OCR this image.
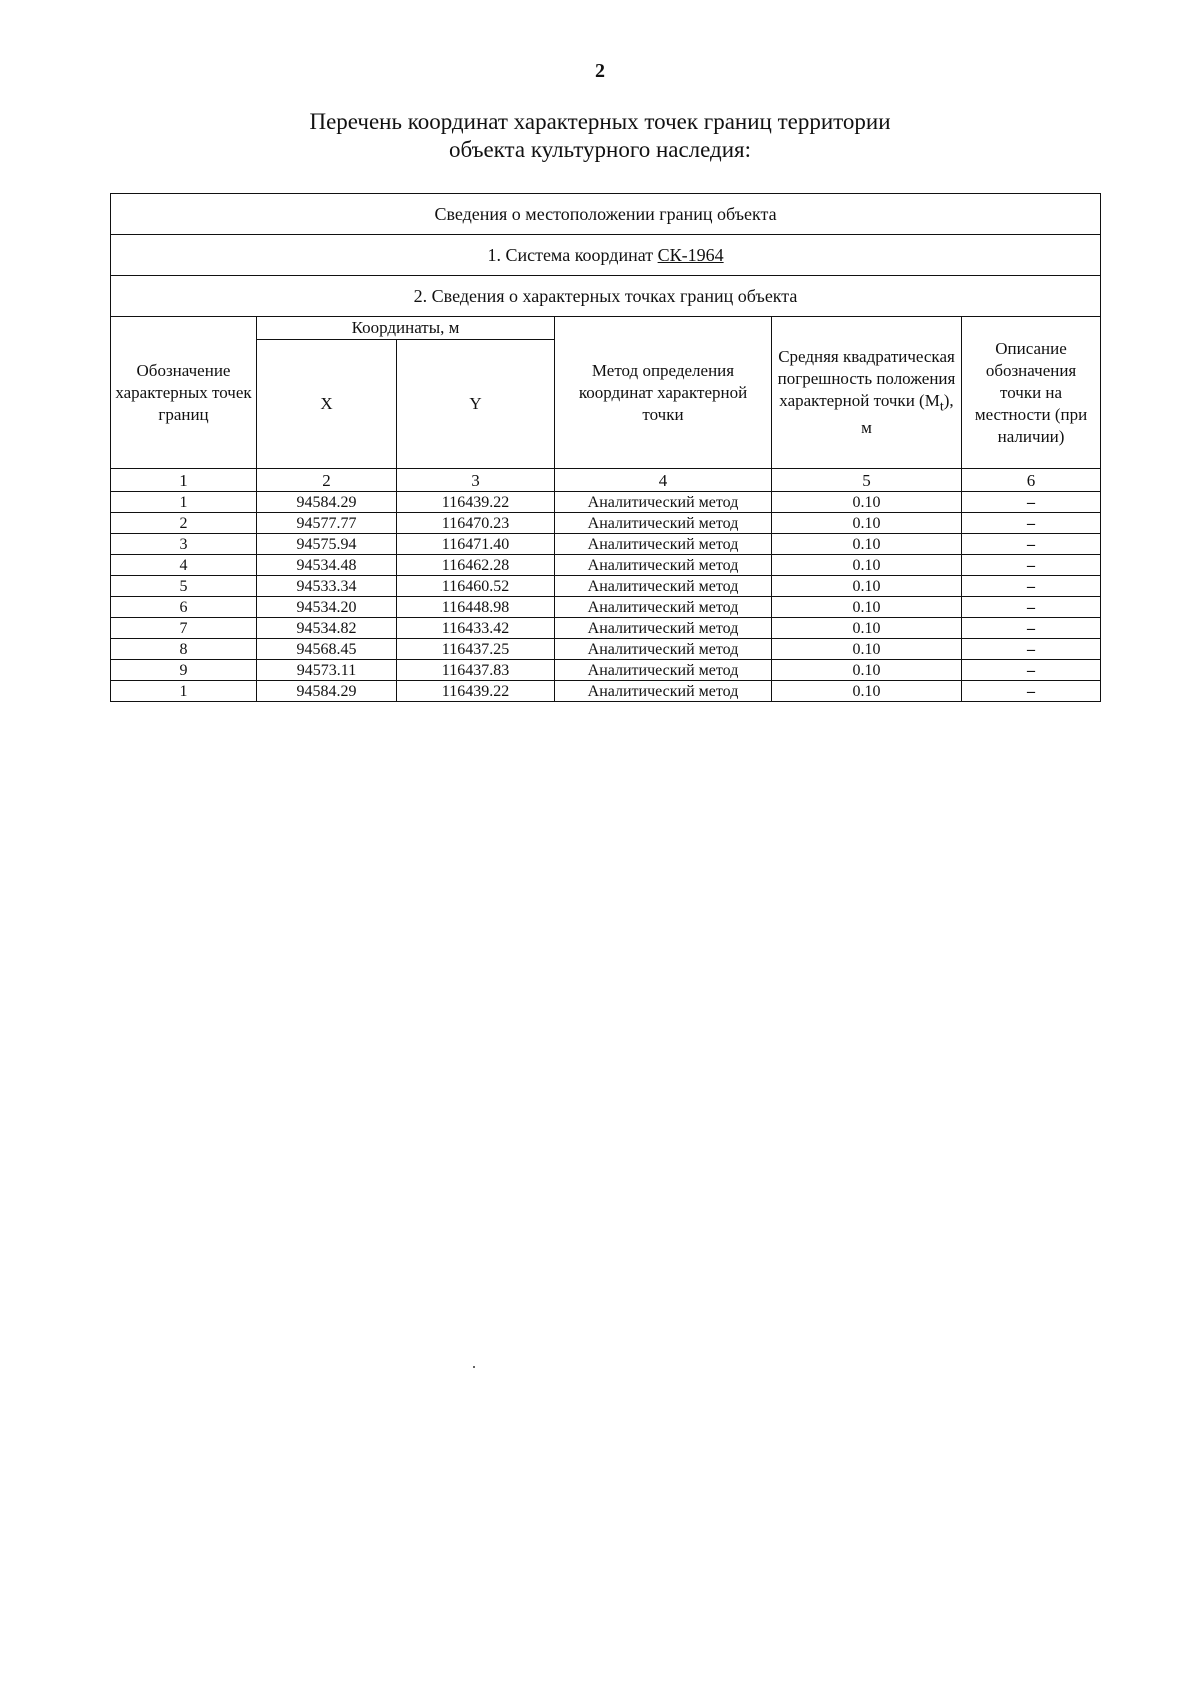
2
Перечень координат характерных точек границ территории
объекта культурного наследия:
Сведения о местоположении границ объекта					
1. Система координат СК-1964					
2. Сведения о характерных точках границ объекта					
Обозначение характерных точек границ	Координаты, м		Метод определения координат характерной точки	Средняя квадратическая погрешность положения характерной точки $(M_t)$, м	Описание обозначения точки на местности (при наличии)
	X	Y			
1	2	3	4	5	6
1	94584.29	116439.22	Аналитический метод	0.10	–
2	94577.77	116470.23	Аналитический метод	0.10	–
3	94575.94	116471.40	Аналитический метод	0.10	–
4	94534.48	116462.28	Аналитический метод	0.10	–
5	94533.34	116460.52	Аналитический метод	0.10	–
6	94534.20	116448.98	Аналитический метод	0.10	–
7	94534.82	116433.42	Аналитический метод	0.10	–
8	94568.45	116437.25	Аналитический метод	0.10	–
9	94573.11	116437.83	Аналитический метод	0.10	–
1	94584.29	116439.22	Аналитический метод	0.10	–
